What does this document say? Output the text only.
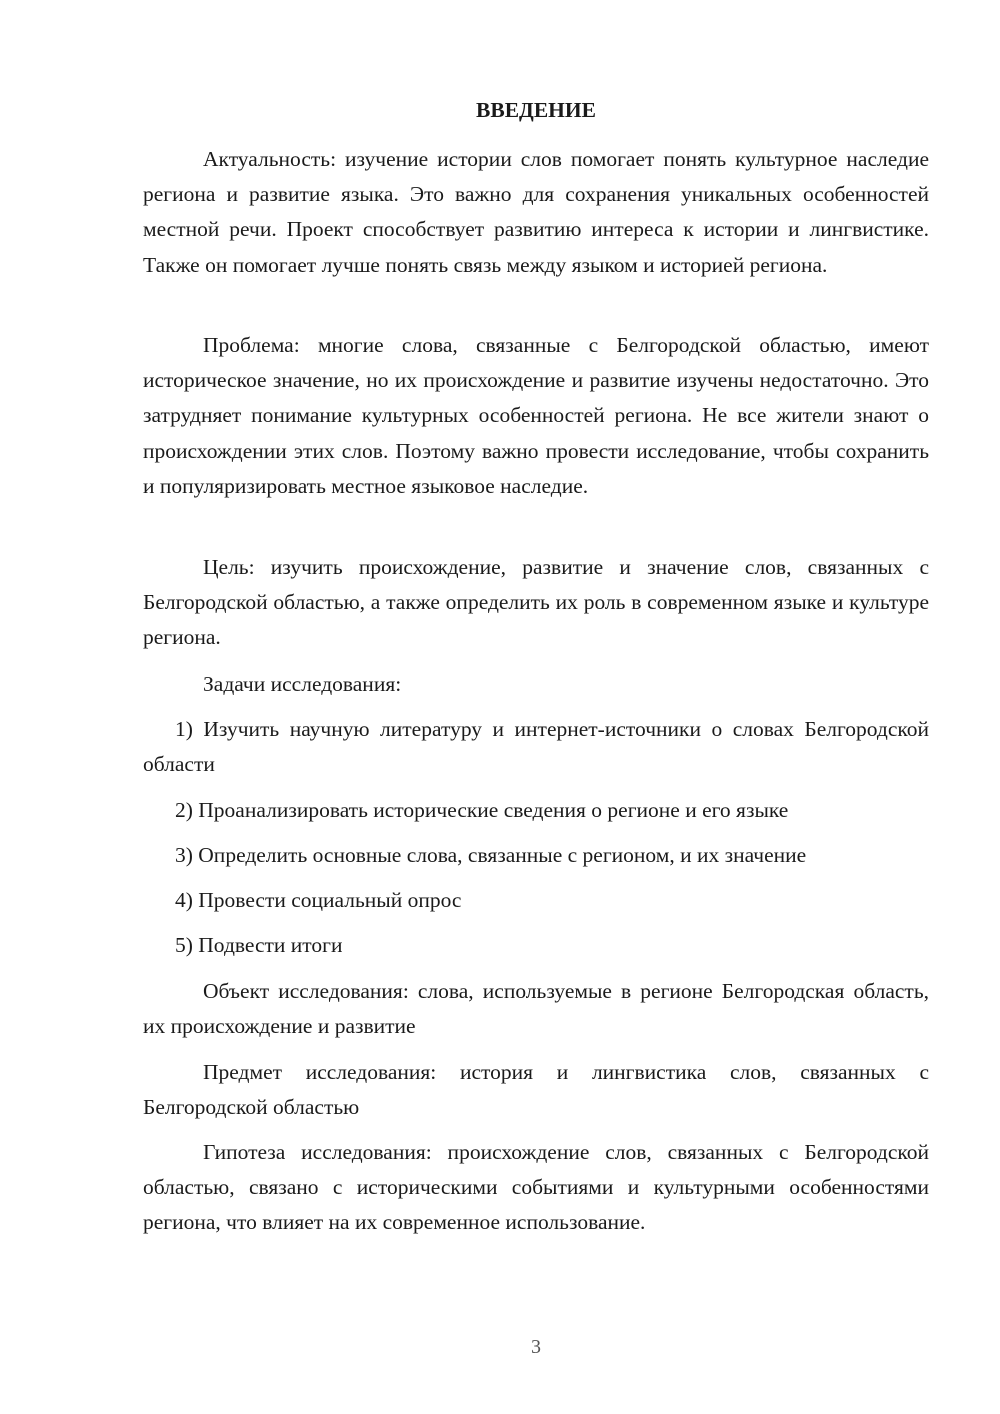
ВВЕДЕНИЕ

Актуальность: изучение истории слов помогает понять культурное наследие региона и развитие языка. Это важно для сохранения уникальных особенностей местной речи. Проект способствует развитию интереса к истории и лингвистике. Также он помогает лучше понять связь между языком и историей региона.

Проблема: многие слова, связанные с Белгородской областью, имеют историческое значение, но их происхождение и развитие изучены недостаточно. Это затрудняет понимание культурных особенностей региона. Не все жители знают о происхождении этих слов. Поэтому важно провести исследование, чтобы сохранить и популяризировать местное языковое наследие.

Цель: изучить происхождение, развитие и значение слов, связанных с Белгородской областью, а также определить их роль в современном языке и культуре региона.

Задачи исследования:

1) Изучить научную литературу и интернет-источники о словах Белгородской области

2) Проанализировать исторические сведения о регионе и его языке

3) Определить основные слова, связанные с регионом, и их значение

4) Провести социальный опрос

5) Подвести итоги

Объект исследования: слова, используемые в регионе Белгородская область, их происхождение и развитие

Предмет исследования: история и лингвистика слов, связанных с Белгородской областью

Гипотеза исследования: происхождение слов, связанных с Белгородской областью, связано с историческими событиями и культурными особенностями региона, что влияет на их современное использование.

3
